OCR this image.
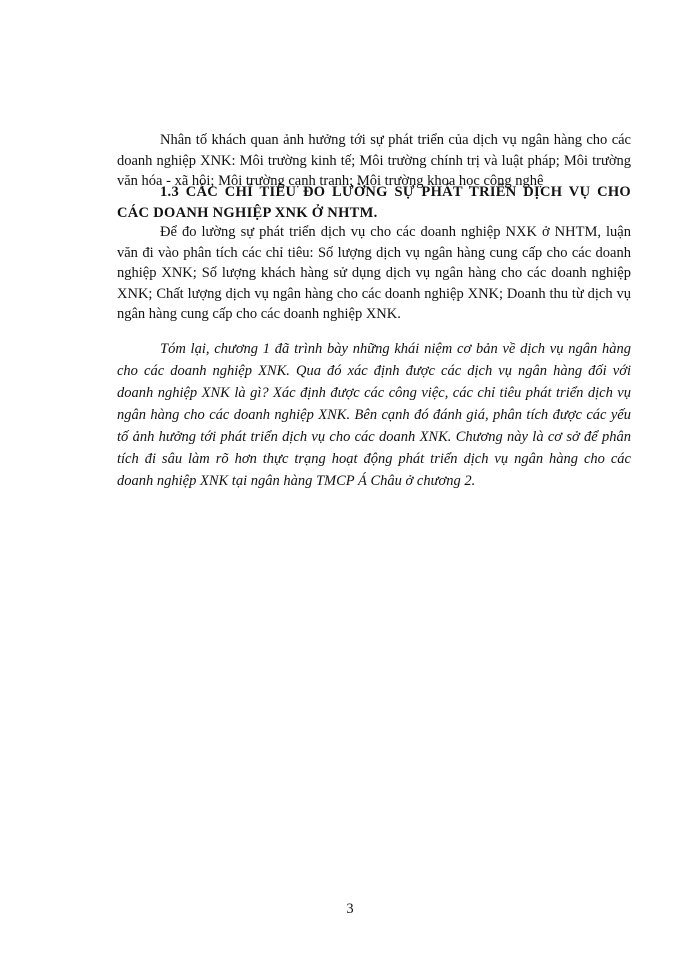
Nhân tố khách quan ảnh hưởng tới sự phát triển của dịch vụ ngân hàng cho các doanh nghiệp XNK: Môi trường kinh tế; Môi trường chính trị và luật pháp; Môi trường văn hóa - xã hội; Môi trường cạnh tranh; Môi trường khoa học công nghệ

1.3 CÁC CHỈ TIÊU ĐO LƯỜNG SỰ PHÁT TRIỂN DỊCH VỤ CHO CÁC DOANH NGHIỆP XNK Ở NHTM.

Để đo lường sự phát triển dịch vụ cho các doanh nghiệp NXK ở NHTM, luận văn đi vào phân tích các chỉ tiêu: Số lượng dịch vụ ngân hàng cung cấp cho các doanh nghiệp XNK; Số lượng khách hàng sử dụng dịch vụ ngân hàng cho các doanh nghiệp XNK; Chất lượng dịch vụ ngân hàng cho các doanh nghiệp XNK; Doanh thu từ dịch vụ ngân hàng cung cấp cho các doanh nghiệp XNK.

Tóm lại, chương 1 đã trình bày những khái niệm cơ bản về dịch vụ ngân hàng cho các doanh nghiệp XNK. Qua đó xác định được các dịch vụ ngân hàng đối với doanh nghiệp XNK là gì? Xác định được các công việc, các chỉ tiêu phát triển dịch vụ ngân hàng cho các doanh nghiệp XNK. Bên cạnh đó đánh giá, phân tích được các yếu tố ảnh hưởng tới phát triển dịch vụ cho các doanh XNK. Chương này là cơ sở để phân tích đi sâu làm rõ hơn thực trạng hoạt động phát triển dịch vụ ngân hàng cho các doanh nghiệp XNK tại ngân hàng TMCP Á Châu ở chương 2.

3
